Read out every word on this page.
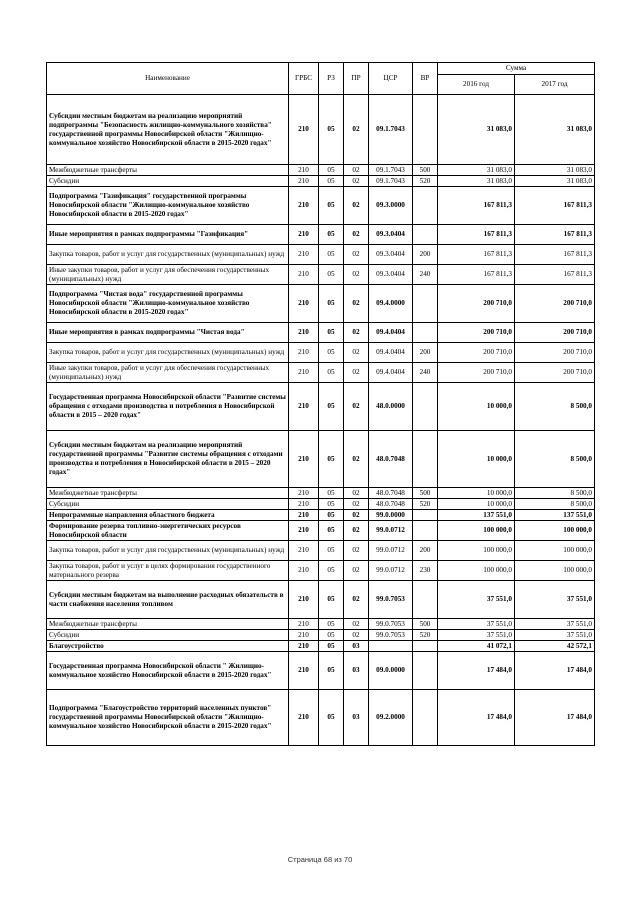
Наименование	ГРБС	РЗ	ПР	ЦСР	ВР	Сумма	
						2016 год	2017 год
Субсидии местным бюджетам на реализацию мероприятий подпрограммы "Безопасность жилищно-коммунального хозяйства" государственной программы Новосибирской области "Жилищно-коммунальное хозяйство Новосибирской области в 2015-2020 годах"	210	05	02	09.1.7043		31 083,0	31 083,0
Межбюджетные трансферты	210	05	02	09.1.7043	500	31 083,0	31 083,0
Субсидии	210	05	02	09.1.7043	520	31 083,0	31 083,0
Подпрограмма "Газификация" государственной программы Новосибирской области "Жилищно-коммунальное хозяйство Новосибирской области в 2015-2020 годах"	210	05	02	09.3.0000		167 811,3	167 811,3
Иные мероприятия в рамках подпрограммы "Газификация"	210	05	02	09.3.0404		167 811,3	167 811,3
Закупка товаров, работ и услуг для государственных (муниципальных) нужд	210	05	02	09.3.0404	200	167 811,3	167 811,3
Иные закупки товаров, работ и услуг для обеспечения государственных (муниципальных) нужд	210	05	02	09.3.0404	240	167 811,3	167 811,3
Подпрограмма "Чистая вода" государственной программы Новосибирской области "Жилищно-коммунальное хозяйство Новосибирской области в 2015-2020 годах"	210	05	02	09.4.0000		200 710,0	200 710,0
Иные мероприятия в рамках подпрограммы "Чистая вода"	210	05	02	09.4.0404		200 710,0	200 710,0
Закупка товаров, работ и услуг для государственных (муниципальных) нужд	210	05	02	09.4.0404	200	200 710,0	200 710,0
Иные закупки товаров, работ и услуг для обеспечения государственных (муниципальных) нужд	210	05	02	09.4.0404	240	200 710,0	200 710,0
Государственная программа Новосибирской области "Развитие системы обращения с отходами производства и потребления в Новосибирской области в 2015 – 2020 годах"	210	05	02	48.0.0000		10 000,0	8 500,0
Субсидии местным бюджетам на реализацию мероприятий государственной программы "Развитие системы обращения с отходами производства и потребления в Новосибирской области в 2015 – 2020 годах"	210	05	02	48.0.7048		10 000,0	8 500,0
Межбюджетные трансферты	210	05	02	48.0.7048	500	10 000,0	8 500,0
Субсидии	210	05	02	48.0.7048	520	10 000,0	8 500,0
Непрограммные направления областного бюджета	210	05	02	99.0.0000		137 551,0	137 551,0
Формирование резерва топливно-энергетических ресурсов Новосибирской области	210	05	02	99.0.0712		100 000,0	100 000,0
Закупка товаров, работ и услуг для государственных (муниципальных) нужд	210	05	02	99.0.0712	200	100 000,0	100 000,0
Закупка товаров, работ и услуг в целях формирования государственного материального резерва	210	05	02	99.0.0712	230	100 000,0	100 000,0
Субсидии местным бюджетам на выполнение расходных обязательств в части снабжения населения топливом	210	05	02	99.0.7053		37 551,0	37 551,0
Межбюджетные трансферты	210	05	02	99.0.7053	500	37 551,0	37 551,0
Субсидии	210	05	02	99.0.7053	520	37 551,0	37 551,0
Благоустройство	210	05	03			41 072,1	42 572,1
Государственная программа Новосибирской области " Жилищно-коммунальное хозяйство Новосибирской области в 2015-2020 годах"	210	05	03	09.0.0000		17 484,0	17 484,0
Подпрограмма "Благоустройство территорий населенных пунктов" государственной программы Новосибирской области "Жилищно-коммунальное хозяйство Новосибирской области в 2015-2020 годах"	210	05	03	09.2.0000		17 484,0	17 484,0
Страница 68 из 70
